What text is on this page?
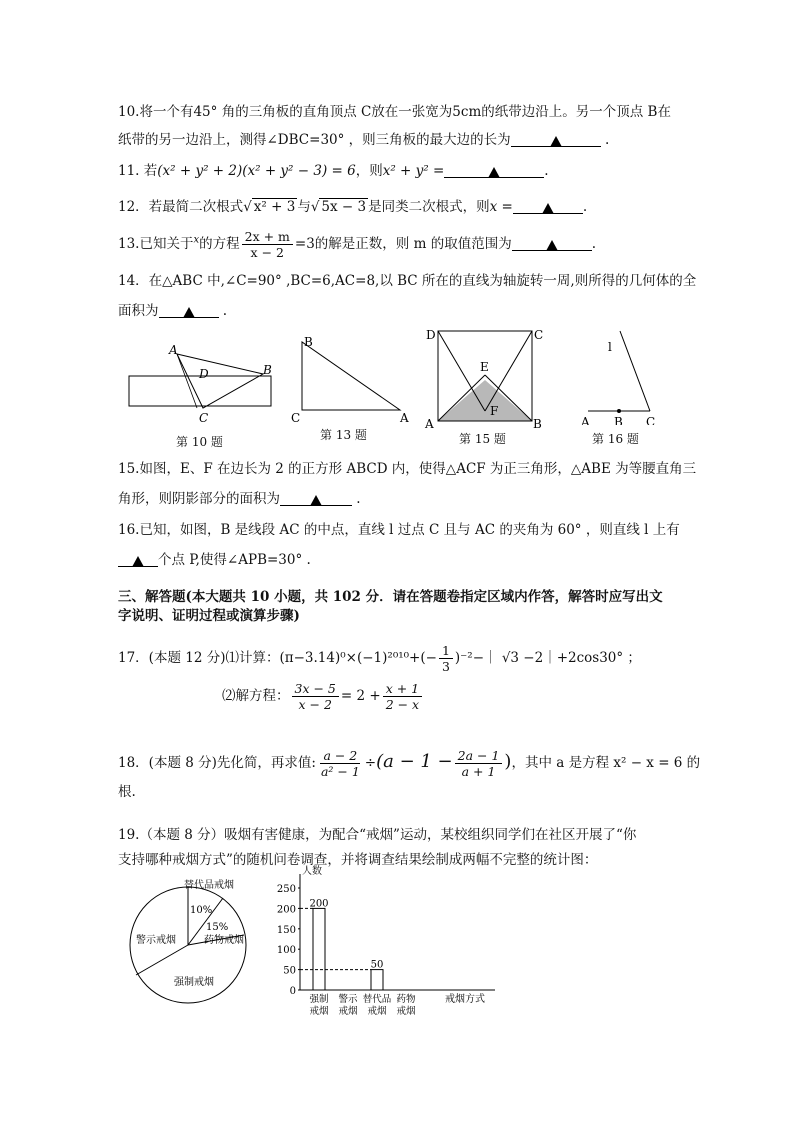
10.将一个有45° 角的三角板的直角顶点 C放在一张宽为5cm的纸带边沿上。另一个顶点 B在
纸带的另一边沿上，测得∠DBC=30° ，则三角板的最大边的长为	.
11. 若(x² + y² + 2)(x² + y² − 3) = 6，则x² + y² =	.
12．若最简二次根式√ x² + 3 与√ 5x − 3 是同类二次根式，则x =	.
13.已知关于$^x$的方程 $\frac{2x + m}{x - 2} =3$的解是正数，则 m 的取值范围为	.
14．在△ABC 中,∠C=90° ,BC=6,AC=8,以 BC 所在的直线为轴旋转一周,则所得的几何体的全
面积为	.
A
B
C
D
第 10 题
B
C	A
第 13 题
D	C
A	B
E
F
第 15 题
l
A B C
第 16 题
15.如图，E、F 在边长为 2 的正方形 ABCD 内，使得△ACF 为正三角形，△ABE 为等腰直角三
角形，则阴影部分的面积为	.
16.已知，如图，B 是线段 AC 的中点，直线 l 过点 C 且与 AC 的夹角为 60° ，则直线 l 上有
个点 P,使得∠APB=30° .
三、解答题(本大题共 10 小题，共 102 分．请在答题卷指定区域内作答，解答时应写出文
字说明、证明过程或演算步骤)
17．(本题 12 分)⑴计算：$(\pi-3.14)^0\times(-1)^{2010}+(- \frac{1}{3}$ )⁻²−｜ √3 −2｜+2cos30° ；
⑵解方程： $\frac{3x - 5}{x - 2} = 2 + \frac{x + 1}{2 - x}$
18．(本题 8 分)先化简，再求值: $\frac{a - 2}{\text{a² − 1}} \div(a - 1 - \frac{2a - 1}{a + 1}$ )，其中 a 是方程 x² − x = 6 的
根.
19.（本题 8 分）吸烟有害健康，为配合“戒烟”运动，某校组织同学们在社区开展了“你
支持哪种戒烟方式”的随机问卷调查，并将调查结果绘制成两幅不完整的统计图：
替代品戒烟
10%
15%
药物戒烟
警示戒烟
强制戒烟
人数
戒烟方式
0
50
100
150
200
250
200
50
强制
戒烟
警示
戒烟
替代品
戒烟
药物
戒烟
